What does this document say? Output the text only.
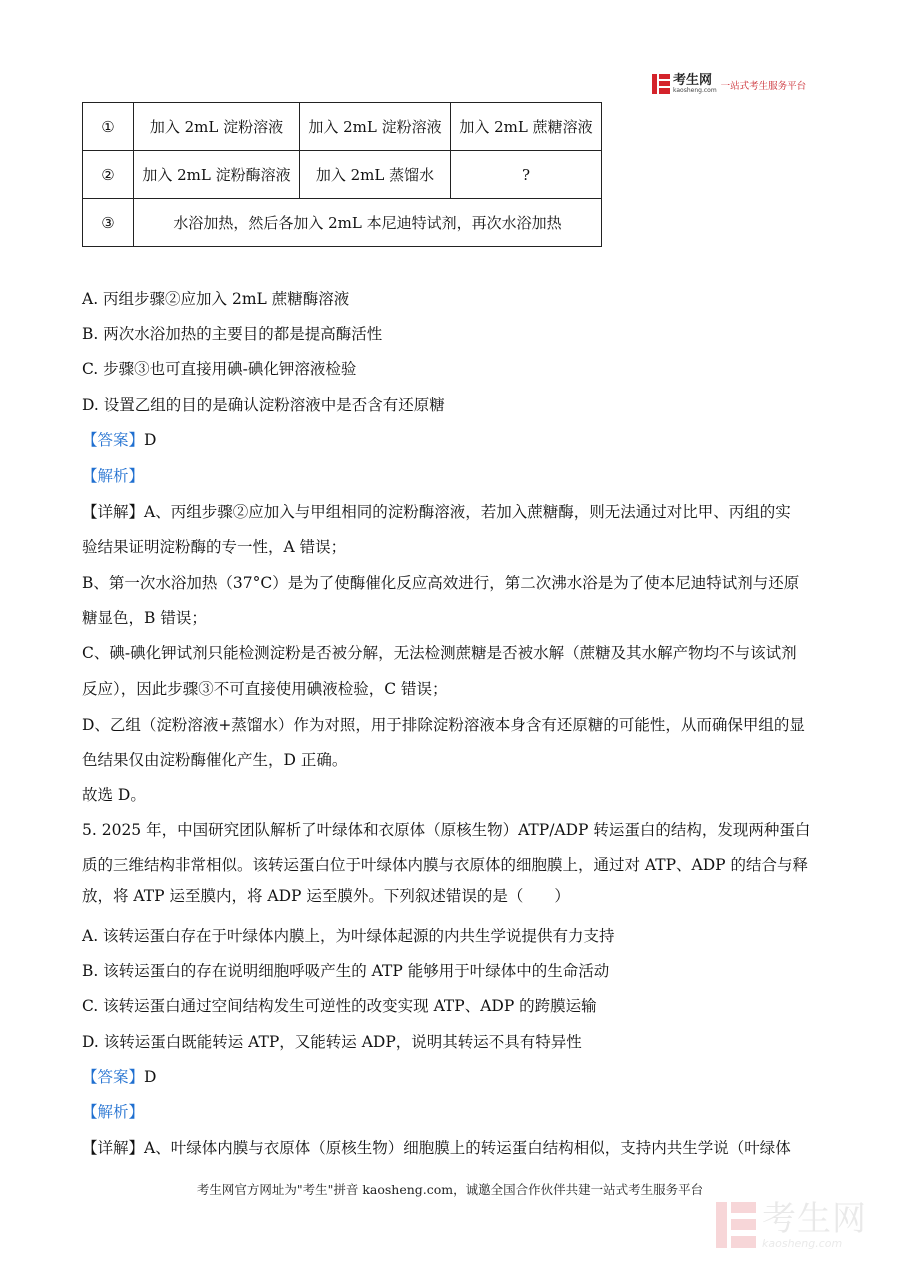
考生网
kaosheng.com 一站式考生服务平台
①	加入 2mL 淀粉溶液	加入 2mL 淀粉溶液	加入 2mL 蔗糖溶液
②	加入 2mL 淀粉酶溶液	加入 2mL 蒸馏水	?
③	水浴加热，然后各加入 2mL 本尼迪特试剂，再次水浴加热		
A. 丙组步骤②应加入 2mL 蔗糖酶溶液
B. 两次水浴加热的主要目的都是提高酶活性
C. 步骤③也可直接用碘-碘化钾溶液检验
D. 设置乙组的目的是确认淀粉溶液中是否含有还原糖
【答案】D
【解析】
【详解】A、丙组步骤②应加入与甲组相同的淀粉酶溶液，若加入蔗糖酶，则无法通过对比甲、丙组的实
验结果证明淀粉酶的专一性，A 错误；
B、第一次水浴加热（37°C）是为了使酶催化反应高效进行，第二次沸水浴是为了使本尼迪特试剂与还原
糖显色，B 错误；
C、碘-碘化钾试剂只能检测淀粉是否被分解，无法检测蔗糖是否被水解（蔗糖及其水解产物均不与该试剂
反应），因此步骤③不可直接使用碘液检验，C 错误；
D、乙组（淀粉溶液+蒸馏水）作为对照，用于排除淀粉溶液本身含有还原糖的可能性，从而确保甲组的显
色结果仅由淀粉酶催化产生，D 正确。
故选 D。
5. 2025 年，中国研究团队解析了叶绿体和衣原体（原核生物）ATP/ADP 转运蛋白的结构，发现两种蛋白
质的三维结构非常相似。该转运蛋白位于叶绿体内膜与衣原体的细胞膜上，通过对 ATP、ADP 的结合与释
放，将 ATP 运至膜内，将 ADP 运至膜外。下列叙述错误的是（　　）
A. 该转运蛋白存在于叶绿体内膜上，为叶绿体起源的内共生学说提供有力支持
B. 该转运蛋白的存在说明细胞呼吸产生的 ATP 能够用于叶绿体中的生命活动
C. 该转运蛋白通过空间结构发生可逆性的改变实现 ATP、ADP 的跨膜运输
D. 该转运蛋白既能转运 ATP，又能转运 ADP，说明其转运不具有特异性
【答案】D
【解析】
【详解】A、叶绿体内膜与衣原体（原核生物）细胞膜上的转运蛋白结构相似，支持内共生学说（叶绿体
考生网官方网址为"考生"拼音 kaosheng.com，诚邀全国合作伙伴共建一站式考生服务平台
考生网
kaosheng.com
